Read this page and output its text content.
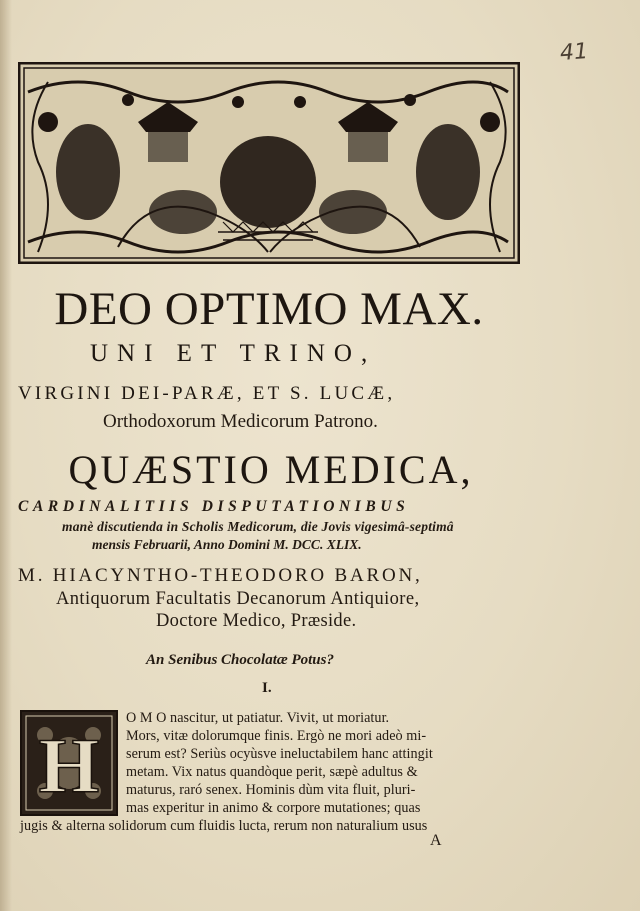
41
DEO OPTIMO MAX.
UNI ET TRINO,
VIRGINI DEI-PARÆ, ET S. LUCÆ,
Orthodoxorum Medicorum Patrono.
QUÆSTIO MEDICA,
CARDINALITIIS DISPUTATIONIBUS
manè discutienda in Scholis Medicorum, die Jovis vigesimâ-septimâ
mensis Februarii, Anno Domini M. DCC. XLIX.
M. HIACYNTHO-THEODORO BARON,
Antiquorum Facultatis Decanorum Antiquiore,
Doctore Medico, Præside.
An Senibus Chocolatæ Potus?
I.
H
O M O nascitur, ut patiatur. Vivit, ut moriatur.
Mors, vitæ dolorumque finis. Ergò ne mori adeò mi-
serum est? Seriùs ocyùsve ineluctabilem hanc attingit
metam. Vix natus quandòque perit, sæpè adultus &
maturus, raró senex. Hominis dùm vita fluit, pluri-
mas experitur in animo & corpore mutationes; quas
jugis & alterna solidorum cum fluidis lucta, rerum non naturalium usus
A
